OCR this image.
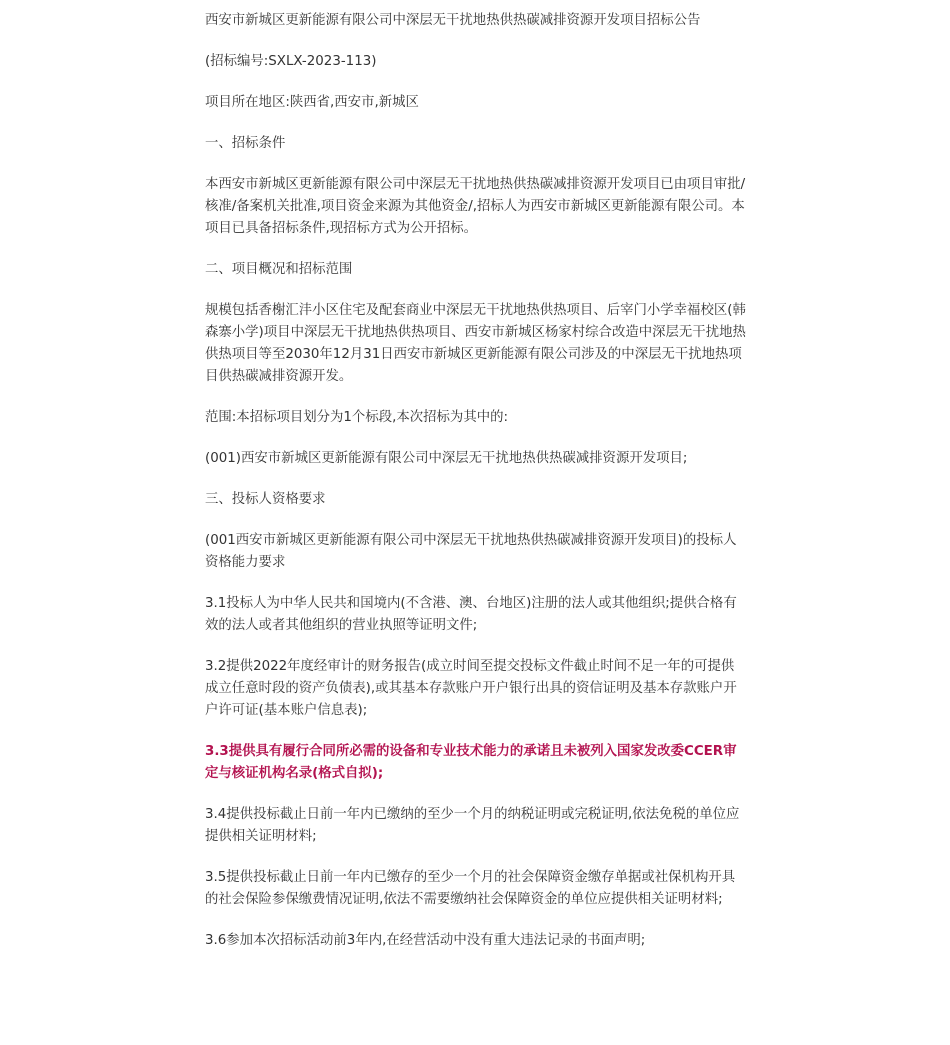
西安市新城区更新能源有限公司中深层无干扰地热供热碳减排资源开发项目招标公告

(招标编号:SXLX-2023-113)

项目所在地区:陕西省,西安市,新城区

一、招标条件

本西安市新城区更新能源有限公司中深层无干扰地热供热碳减排资源开发项目已由项目审批/核准/备案机关批准,项目资金来源为其他资金/,招标人为西安市新城区更新能源有限公司。本项目已具备招标条件,现招标方式为公开招标。

二、项目概况和招标范围

规模包括香榭汇沣小区住宅及配套商业中深层无干扰地热供热项目、后宰门小学幸福校区(韩森寨小学)项目中深层无干扰地热供热项目、西安市新城区杨家村综合改造中深层无干扰地热供热项目等至2030年12月31日西安市新城区更新能源有限公司涉及的中深层无干扰地热项目供热碳减排资源开发。

范围:本招标项目划分为1个标段,本次招标为其中的:

(001)西安市新城区更新能源有限公司中深层无干扰地热供热碳减排资源开发项目;

三、投标人资格要求

(001西安市新城区更新能源有限公司中深层无干扰地热供热碳减排资源开发项目)的投标人资格能力要求

3.1投标人为中华人民共和国境内(不含港、澳、台地区)注册的法人或其他组织;提供合格有效的法人或者其他组织的营业执照等证明文件;

3.2提供2022年度经审计的财务报告(成立时间至提交投标文件截止时间不足一年的可提供成立任意时段的资产负债表),或其基本存款账户开户银行出具的资信证明及基本存款账户开户许可证(基本账户信息表);

3.3提供具有履行合同所必需的设备和专业技术能力的承诺且未被列入国家发改委CCER审定与核证机构名录(格式自拟);

3.4提供投标截止日前一年内已缴纳的至少一个月的纳税证明或完税证明,依法免税的单位应提供相关证明材料;

3.5提供投标截止日前一年内已缴存的至少一个月的社会保障资金缴存单据或社保机构开具的社会保险参保缴费情况证明,依法不需要缴纳社会保障资金的单位应提供相关证明材料;

3.6参加本次招标活动前3年内,在经营活动中没有重大违法记录的书面声明;
